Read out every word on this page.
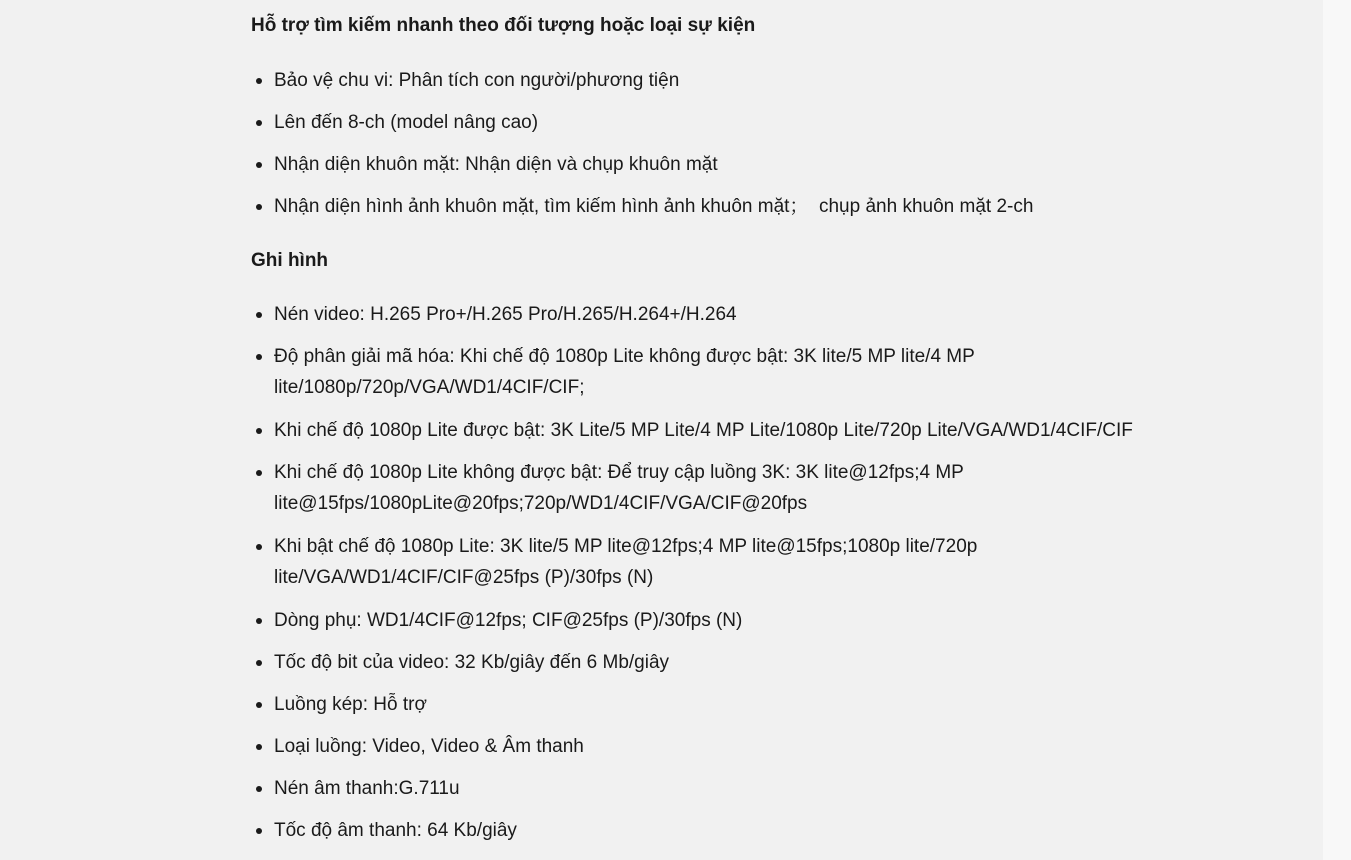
Hỗ trợ tìm kiếm nhanh theo đối tượng hoặc loại sự kiện
Bảo vệ chu vi: Phân tích con người/phương tiện
Lên đến 8-ch (model nâng cao)
Nhận diện khuôn mặt: Nhận diện và chụp khuôn mặt
Nhận diện hình ảnh khuôn mặt, tìm kiếm hình ảnh khuôn mặt；  chụp ảnh khuôn mặt 2-ch
Ghi hình
Nén video: H.265 Pro+/H.265 Pro/H.265/H.264+/H.264
Độ phân giải mã hóa: Khi chế độ 1080p Lite không được bật: 3K lite/5 MP lite/4 MP lite/1080p/720p/VGA/WD1/4CIF/CIF;
Khi chế độ 1080p Lite được bật: 3K Lite/5 MP Lite/4 MP Lite/1080p Lite/720p Lite/VGA/WD1/4CIF/CIF
Khi chế độ 1080p Lite không được bật: Để truy cập luồng 3K: 3K lite@12fps;4 MP lite@15fps/1080pLite@20fps;720p/WD1/4CIF/VGA/CIF@20fps
Khi bật chế độ 1080p Lite: 3K lite/5 MP lite@12fps;4 MP lite@15fps;1080p lite/720p lite/VGA/WD1/4CIF/CIF@25fps (P)/30fps (N)
Dòng phụ: WD1/4CIF@12fps; CIF@25fps (P)/30fps (N)
Tốc độ bit của video: 32 Kb/giây đến 6 Mb/giây
Luồng kép: Hỗ trợ
Loại luồng: Video, Video & Âm thanh
Nén âm thanh:G.711u
Tốc độ âm thanh: 64 Kb/giây
